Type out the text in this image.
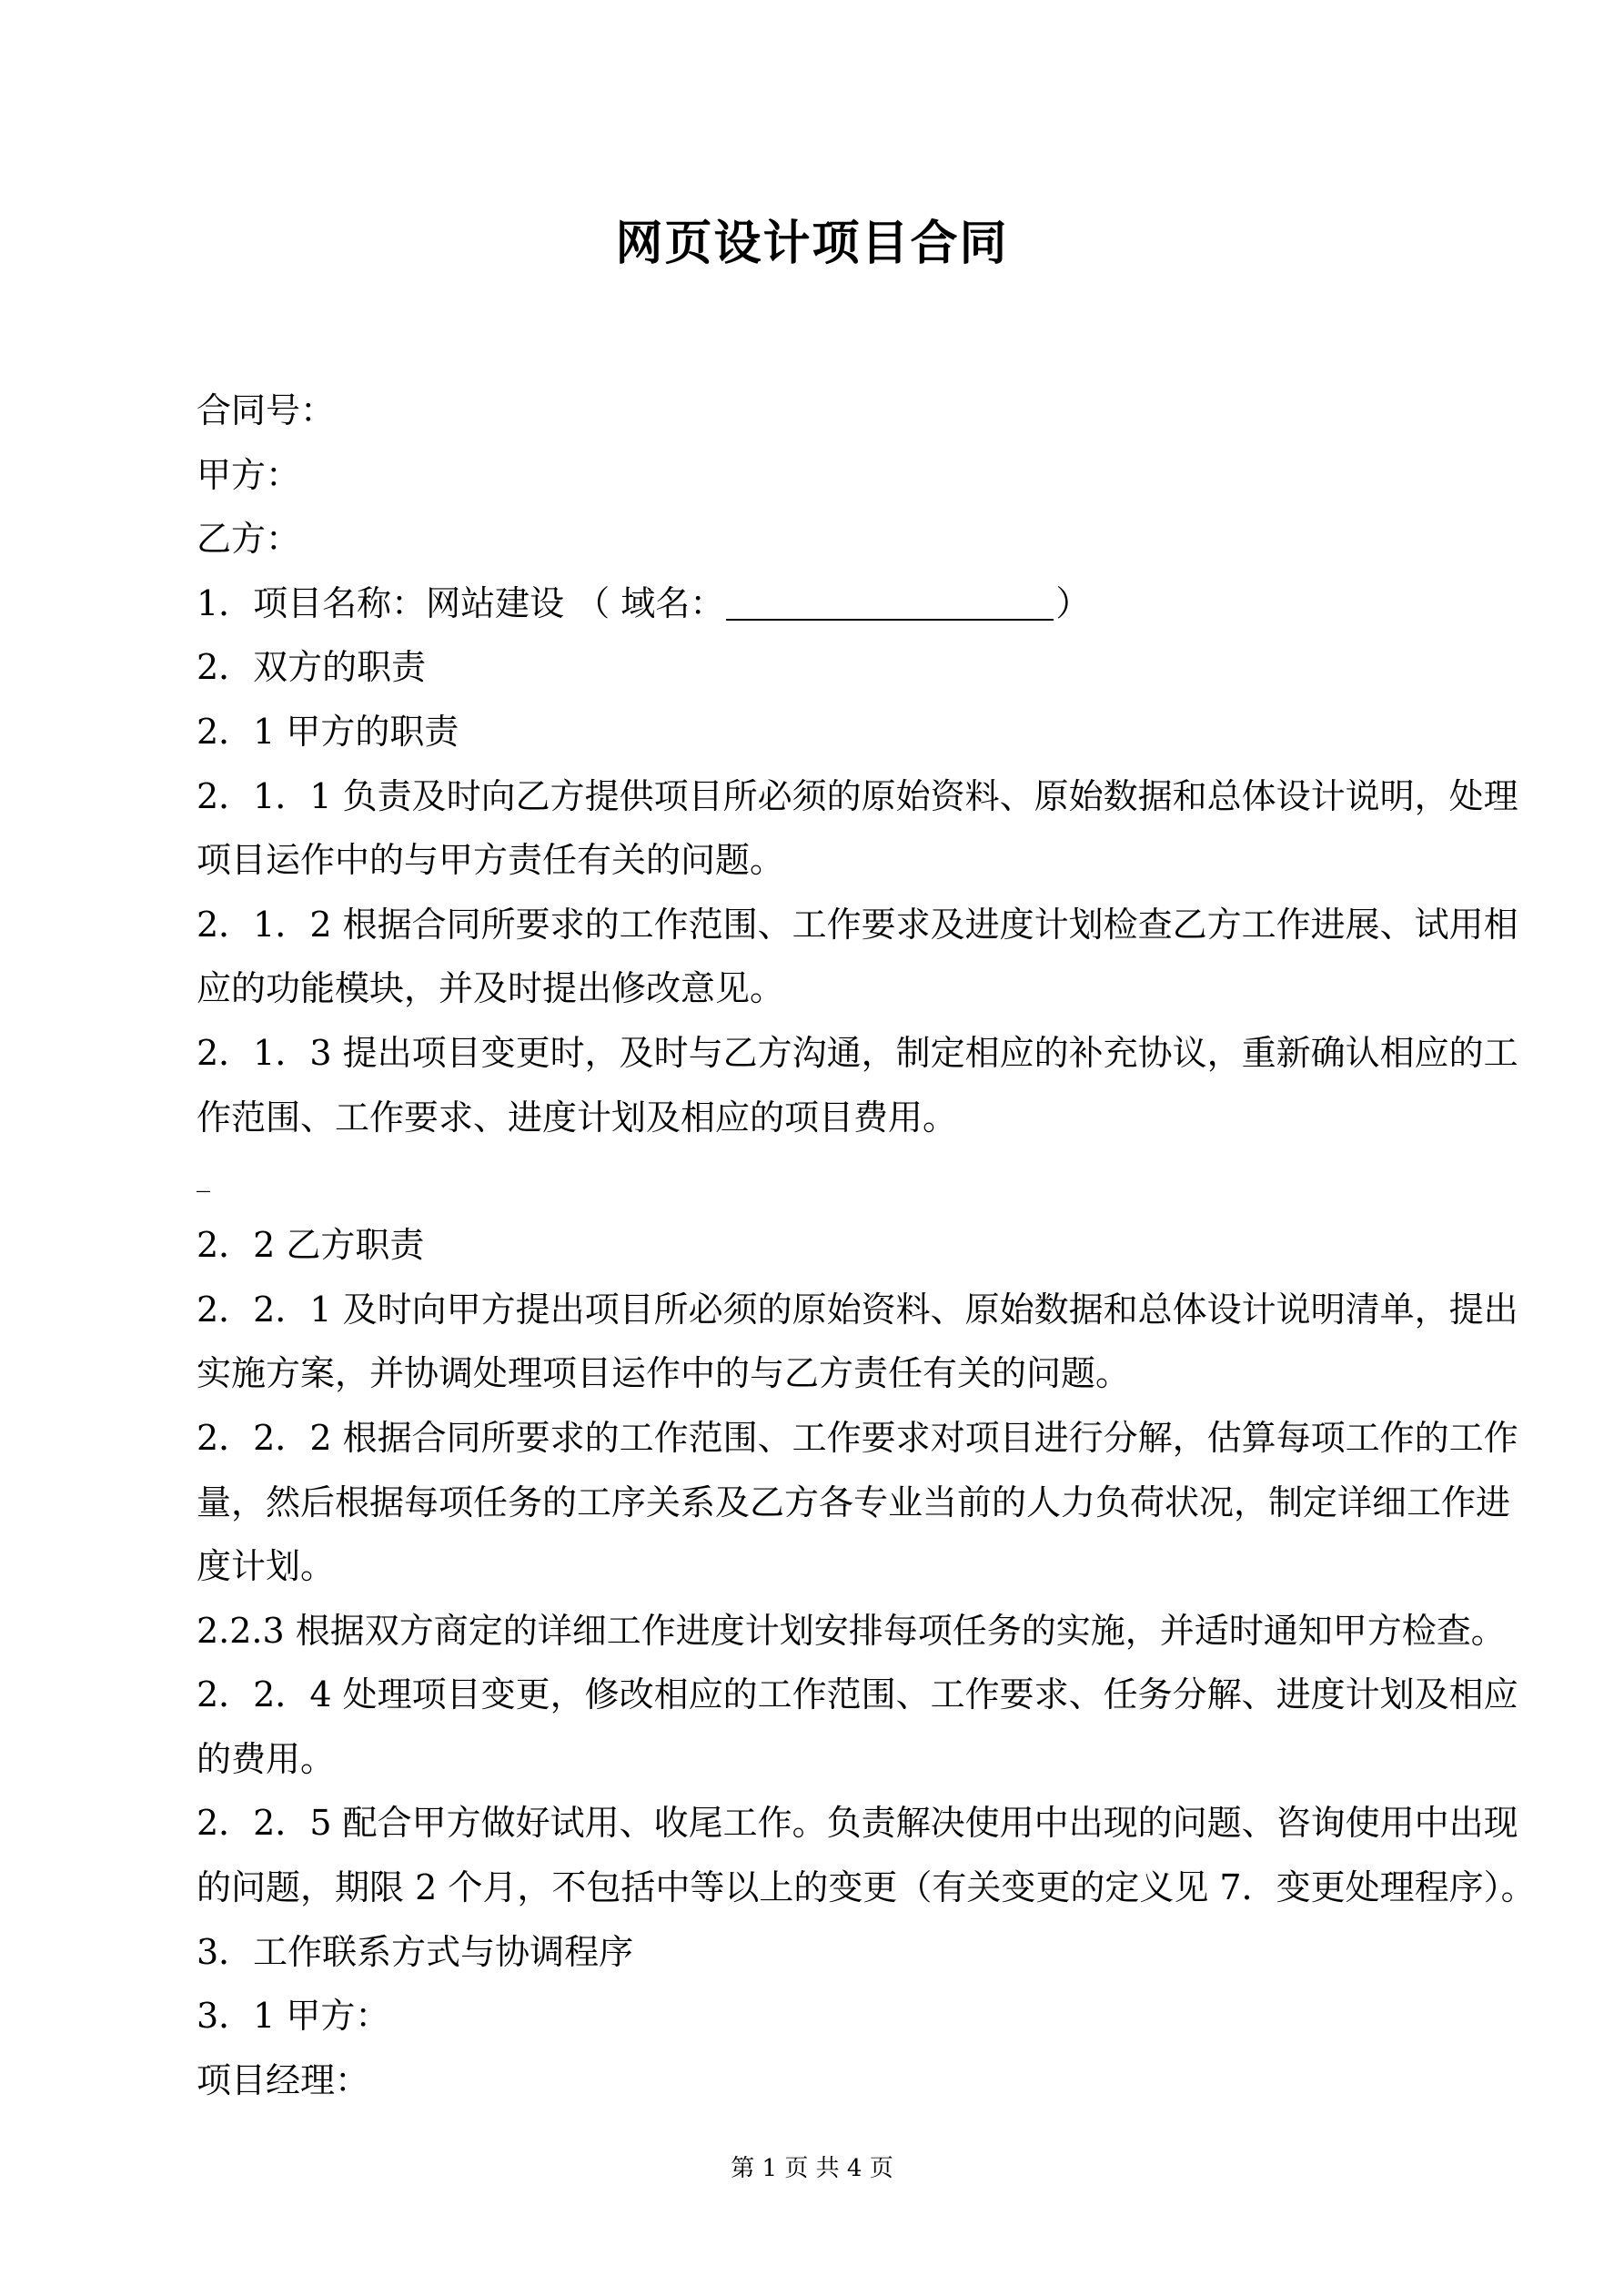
网页设计项目合同
合同号：
甲方：
乙方：
1．项目名称：网站建设 （ 域名：	）
2．双方的职责
2．1 甲方的职责
2．1．1 负责及时向乙方提供项目所必须的原始资料、原始数据和总体设计说明，处理
项目运作中的与甲方责任有关的问题。
2．1．2 根据合同所要求的工作范围、工作要求及进度计划检查乙方工作进展、试用相
应的功能模块，并及时提出修改意见。
2．1．3 提出项目变更时，及时与乙方沟通，制定相应的补充协议，重新确认相应的工
作范围、工作要求、进度计划及相应的项目费用。
_
2．2 乙方职责
2．2．1 及时向甲方提出项目所必须的原始资料、原始数据和总体设计说明清单，提出
实施方案，并协调处理项目运作中的与乙方责任有关的问题。
2．2．2 根据合同所要求的工作范围、工作要求对项目进行分解，估算每项工作的工作
量，然后根据每项任务的工序关系及乙方各专业当前的人力负荷状况，制定详细工作进
度计划。
2.2.3 根据双方商定的详细工作进度计划安排每项任务的实施，并适时通知甲方检查。
2．2．4 处理项目变更，修改相应的工作范围、工作要求、任务分解、进度计划及相应
的费用。
2．2．5 配合甲方做好试用、收尾工作。负责解决使用中出现的问题、咨询使用中出现
的问题，期限 2 个月，不包括中等以上的变更（有关变更的定义见 7．变更处理程序）。
3．工作联系方式与协调程序
3．1 甲方：
项目经理：
第 1 页 共 4 页
